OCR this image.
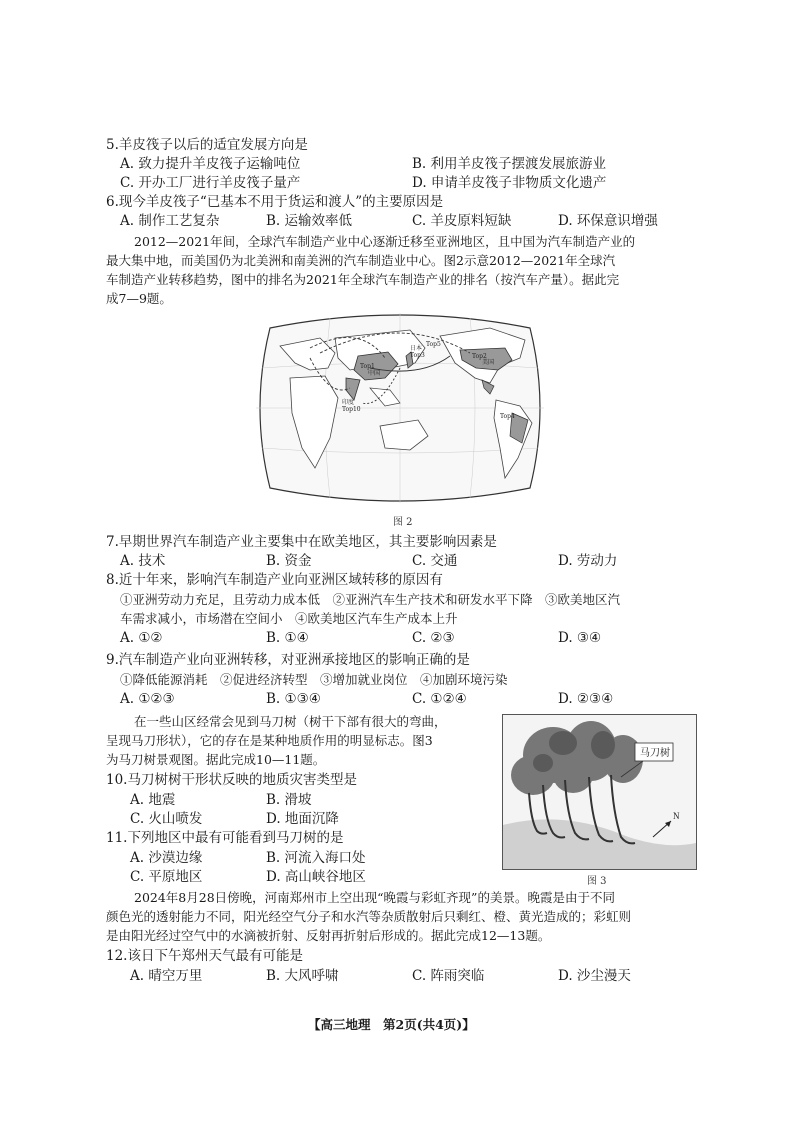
5.羊皮筏子以后的适宜发展方向是
A. 致力提升羊皮筏子运输吨位	B. 利用羊皮筏子摆渡发展旅游业
C. 开办工厂进行羊皮筏子量产	D. 申请羊皮筏子非物质文化遗产
6.现今羊皮筏子“已基本不用于货运和渡人”的主要原因是
A. 制作工艺复杂	B. 运输效率低	C. 羊皮原料短缺	D. 环保意识增强
2012—2021年间，全球汽车制造产业中心逐渐迁移至亚洲地区，且中国为汽车制造产业的
最大集中地，而美国仍为北美洲和南美洲的汽车制造业中心。图2示意2012—2021年全球汽
车制造产业转移趋势，图中的排名为2021年全球汽车制造产业的排名（按汽车产量）。据此完
成7—9题。
日本
Top3
Top1
中国
Top2
美国
Top5
Top4
印度
Top10
图 2
7.早期世界汽车制造产业主要集中在欧美地区，其主要影响因素是
A. 技术	B. 资金	C. 交通	D. 劳动力
8.近十年来，影响汽车制造产业向亚洲区域转移的原因有
①亚洲劳动力充足，且劳动力成本低　②亚洲汽车生产技术和研发水平下降　③欧美地区汽
车需求减小，市场潜在空间小　④欧美地区汽车生产成本上升
A. ①②	B. ①④	C. ②③	D. ③④
9.汽车制造产业向亚洲转移，对亚洲承接地区的影响正确的是
①降低能源消耗　②促进经济转型　③增加就业岗位　④加剧环境污染
A. ①②③	B. ①③④	C. ①②④	D. ②③④
在一些山区经常会见到马刀树（树干下部有很大的弯曲，
呈现马刀形状），它的存在是某种地质作用的明显标志。图3
为马刀树景观图。据此完成10—11题。	马刀树
N
图 3
10.马刀树树干形状反映的地质灾害类型是
A. 地震	B. 滑坡
C. 火山喷发	D. 地面沉降
11.下列地区中最有可能看到马刀树的是
A. 沙漠边缘	B. 河流入海口处
C. 平原地区	D. 高山峡谷地区
2024年8月28日傍晚，河南郑州市上空出现“晚霞与彩虹齐现”的美景。晚霞是由于不同
颜色光的透射能力不同，阳光经空气分子和水汽等杂质散射后只剩红、橙、黄光造成的；彩虹则
是由阳光经过空气中的水滴被折射、反射再折射后形成的。据此完成12—13题。
12.该日下午郑州天气最有可能是
A. 晴空万里	B. 大风呼啸	C. 阵雨突临	D. 沙尘漫天
【高三地理　第2页(共4页)】
